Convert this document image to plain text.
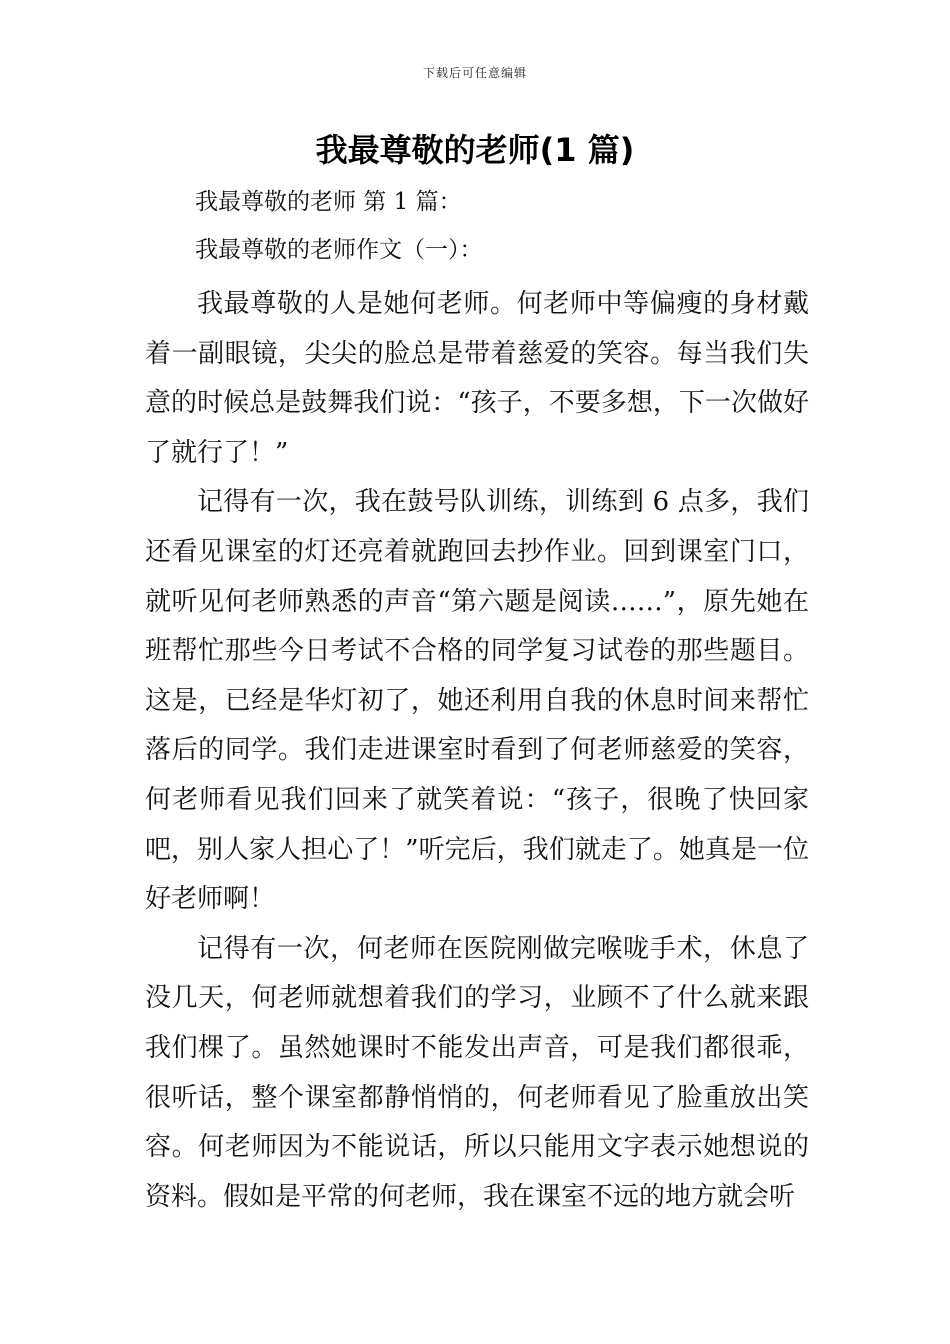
下载后可任意编辑
我最尊敬的老师(1 篇)
我最尊敬的老师 第 1 篇：
我最尊敬的老师作文（一）：

我最尊敬的人是她何老师。何老师中等偏瘦的身材戴着一副眼镜，尖尖的脸总是带着慈爱的笑容。每当我们失意的时候总是鼓舞我们说：“孩子，不要多想，下一次做好了就行了！”

记得有一次，我在鼓号队训练，训练到 6 点多，我们还看见课室的灯还亮着就跑回去抄作业。回到课室门口，就听见何老师熟悉的声音“第六题是阅读……”，原先她在班帮忙那些今日考试不合格的同学复习试卷的那些题目。这是，已经是华灯初了，她还利用自我的休息时间来帮忙落后的同学。我们走进课室时看到了何老师慈爱的笑容，何老师看见我们回来了就笑着说：“孩子，很晚了快回家吧，别人家人担心了！”听完后，我们就走了。她真是一位好老师啊！

记得有一次，何老师在医院刚做完喉咙手术，休息了没几天，何老师就想着我们的学习，业顾不了什么就来跟我们棵了。虽然她课时不能发出声音，可是我们都很乖，很听话，整个课室都静悄悄的，何老师看见了脸重放出笑容。何老师因为不能说话，所以只能用文字表示她想说的资料。假如是平常的何老师，我在课室不远的地方就会听
